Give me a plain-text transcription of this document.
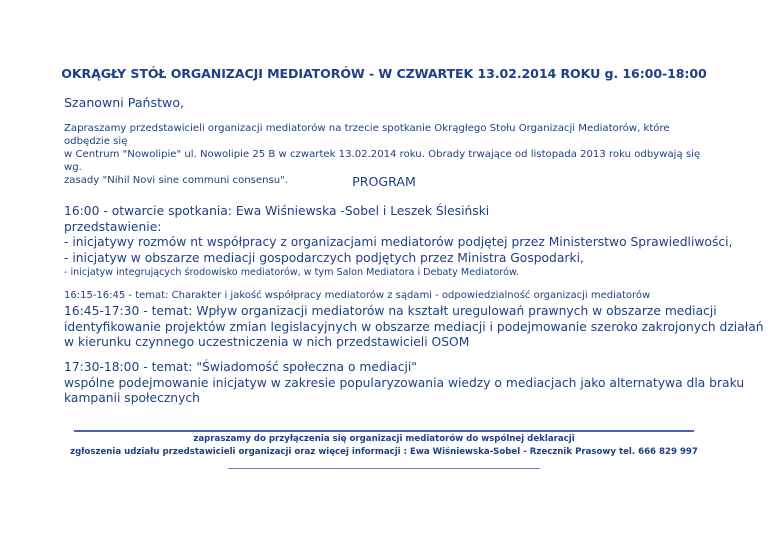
OKRĄGŁY STÓŁ ORGANIZACJI MEDIATORÓW - W CZWARTEK 13.02.2014 ROKU g. 16:00-18:00
Szanowni Państwo,
Zapraszamy przedstawicieli organizacji mediatorów na trzecie spotkanie Okrągłego Stołu Organizacji Mediatorów, które odbędzie się
w Centrum "Nowolipie" ul. Nowolipie 25 B w czwartek 13.02.2014 roku. Obrady trwające od listopada 2013 roku odbywają się wg.
zasady "Nihil Novi sine communi consensu".	PROGRAM
16:00 - otwarcie spotkania: Ewa Wiśniewska -Sobel i Leszek Ślesiński
przedstawienie:
- inicjatywy rozmów nt współpracy z organizacjami mediatorów podjętej przez Ministerstwo Sprawiedliwości,
- inicjatyw w obszarze mediacji gospodarczych podjętych przez Ministra Gospodarki,
- inicjatyw integrujących środowisko mediatorów, w tym Salon Mediatora i Debaty Mediatorów.
16:15-16:45 - temat: Charakter i jakość współpracy mediatorów z sądami - odpowiedzialność organizacji mediatorów
16:45-17:30 - temat: Wpływ organizacji mediatorów na kształt uregulowań prawnych w obszarze mediacji
identyfikowanie projektów zmian legislacyjnych w obszarze mediacji i podejmowanie szeroko zakrojonych działań
w kierunku czynnego uczestniczenia w nich przedstawicieli OSOM
17:30-18:00 - temat: "Świadomość społeczna o mediacji"
wspólne podejmowanie inicjatyw w zakresie popularyzowania wiedzy o mediacjach jako alternatywa dla braku
kampanii społecznych
zapraszamy do przyłączenia się organizacji mediatorów do wspólnej deklaracji
zgłoszenia udziału przedstawicieli organizacji oraz więcej informacji : Ewa Wiśniewska-Sobel - Rzecznik Prasowy tel. 666 829 997
